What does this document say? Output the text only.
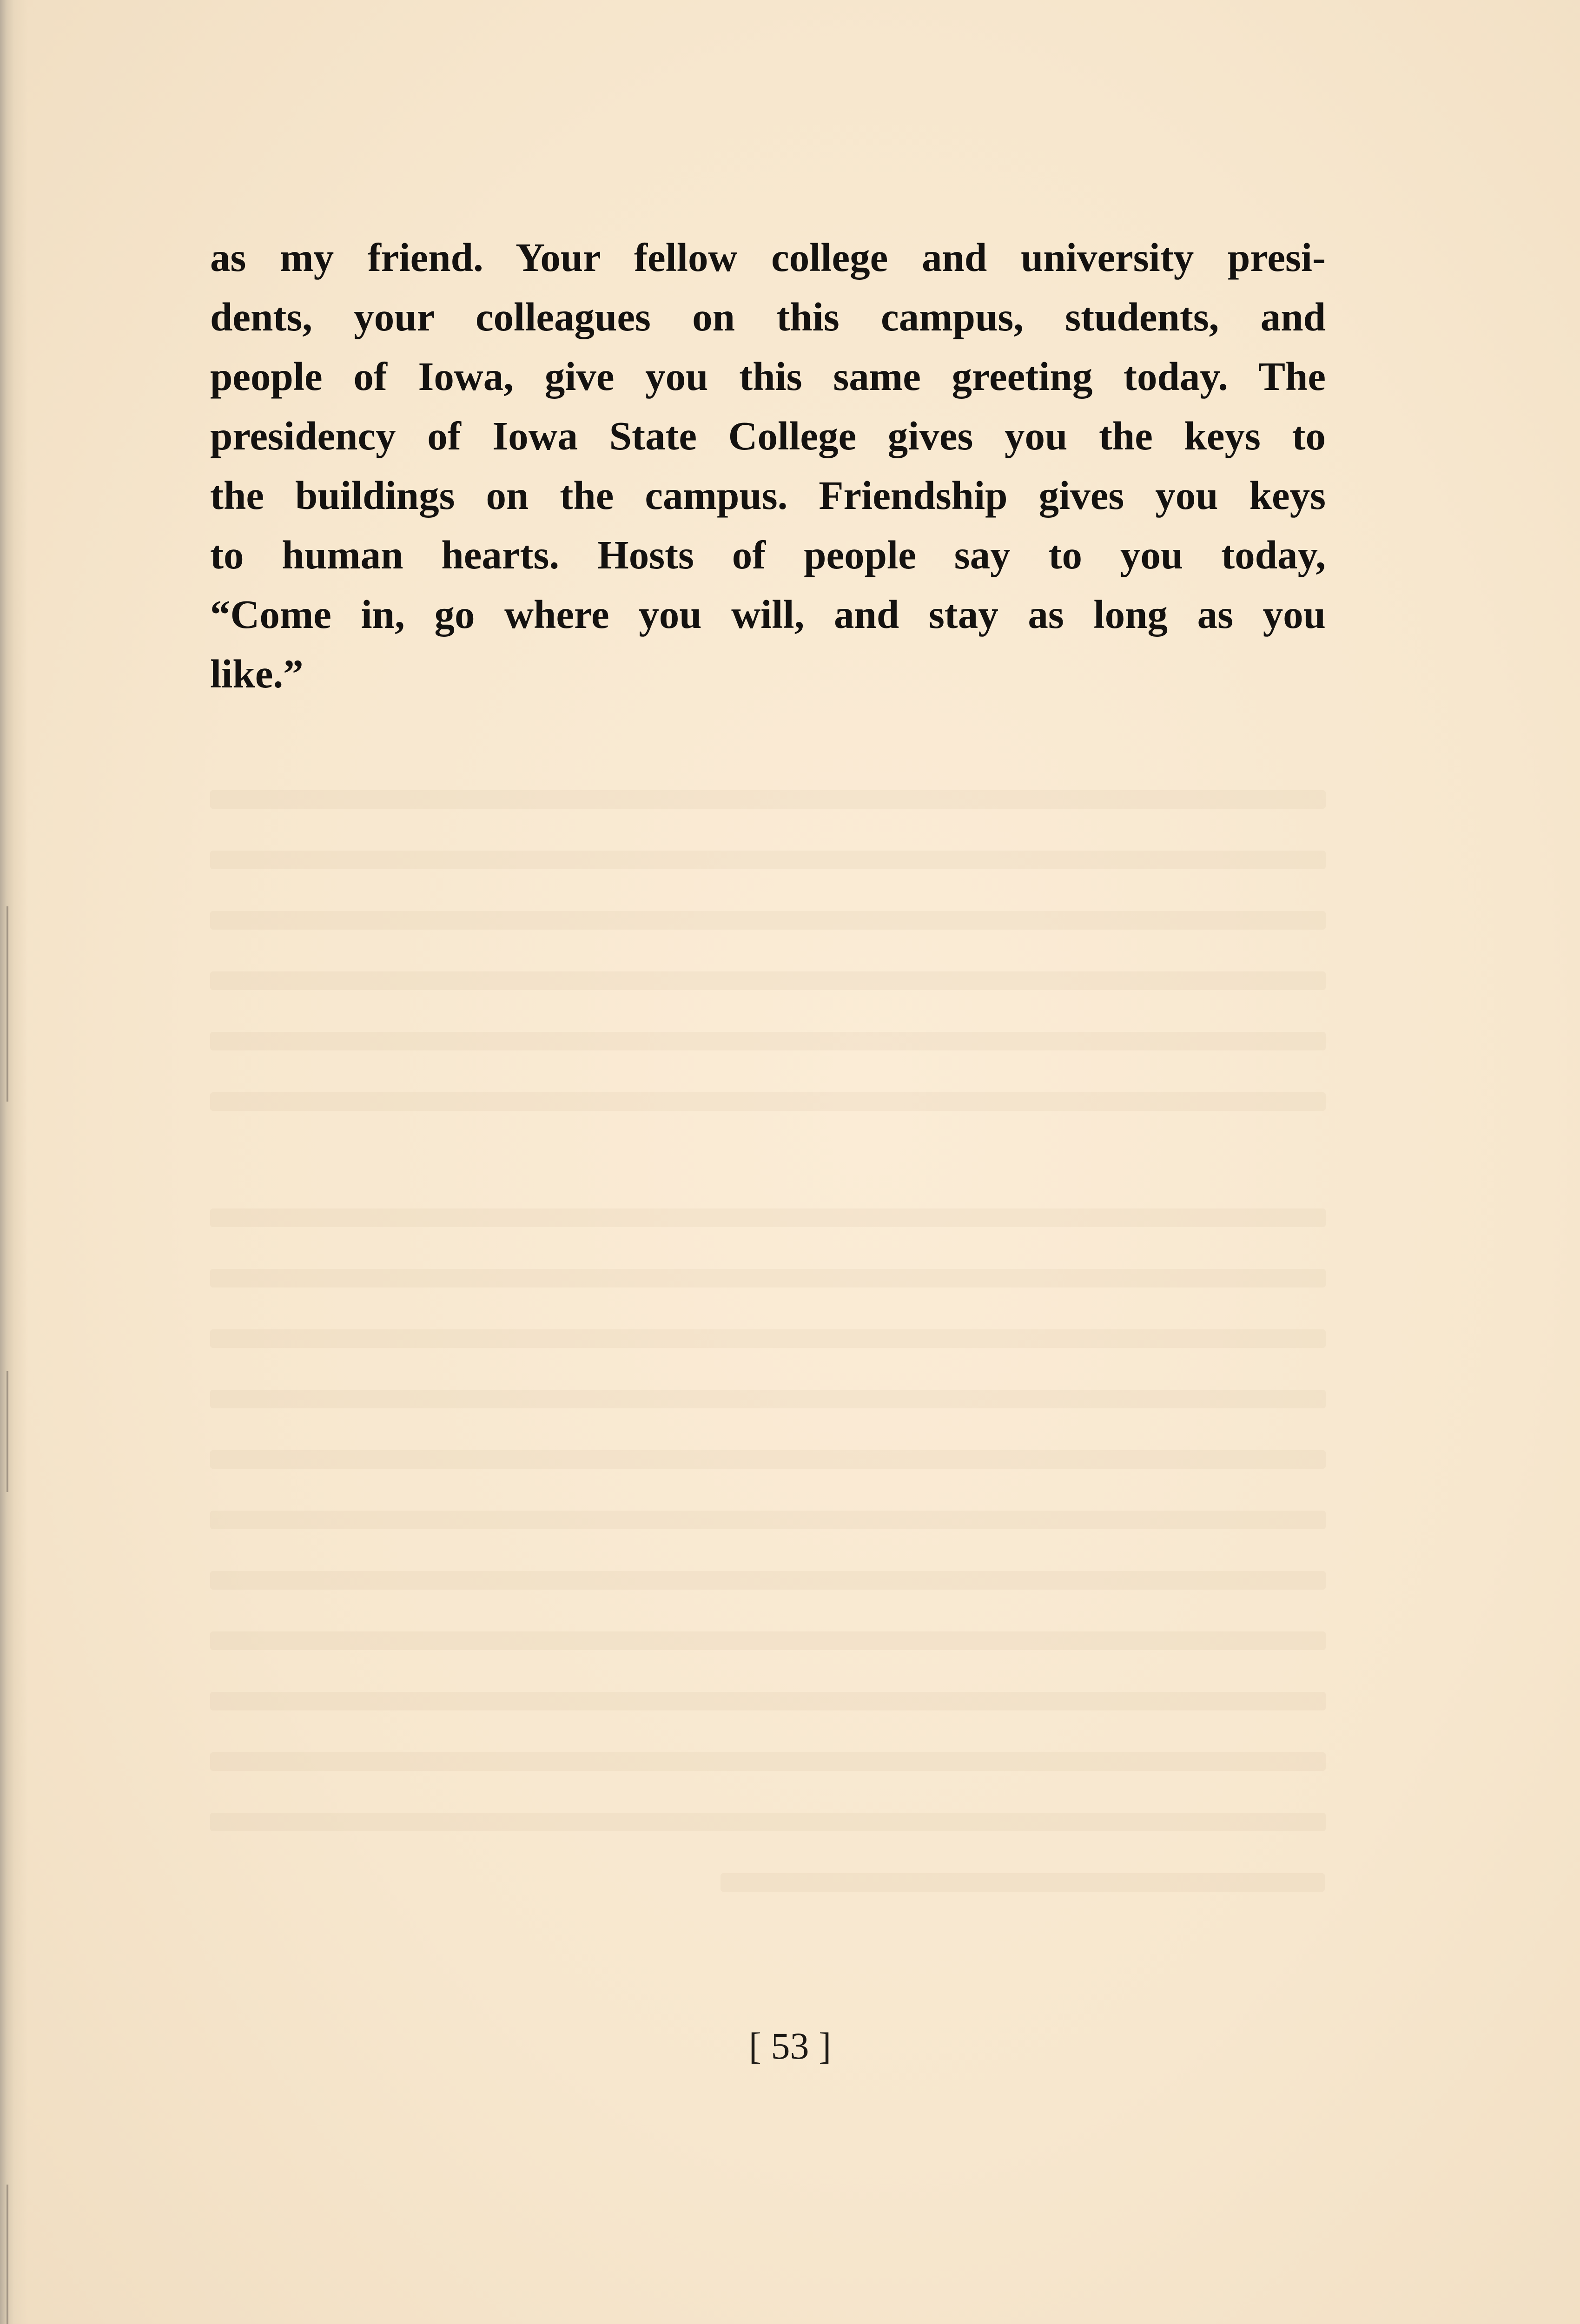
as my friend. Your fellow college and university presi-
dents, your colleagues on this campus, students, and
people of Iowa, give you this same greeting today. The
presidency of Iowa State College gives you the keys to
the buildings on the campus. Friendship gives you keys
to human hearts. Hosts of people say to you today,
“Come in, go where you will, and stay as long as you
like.”

[ 53 ]
